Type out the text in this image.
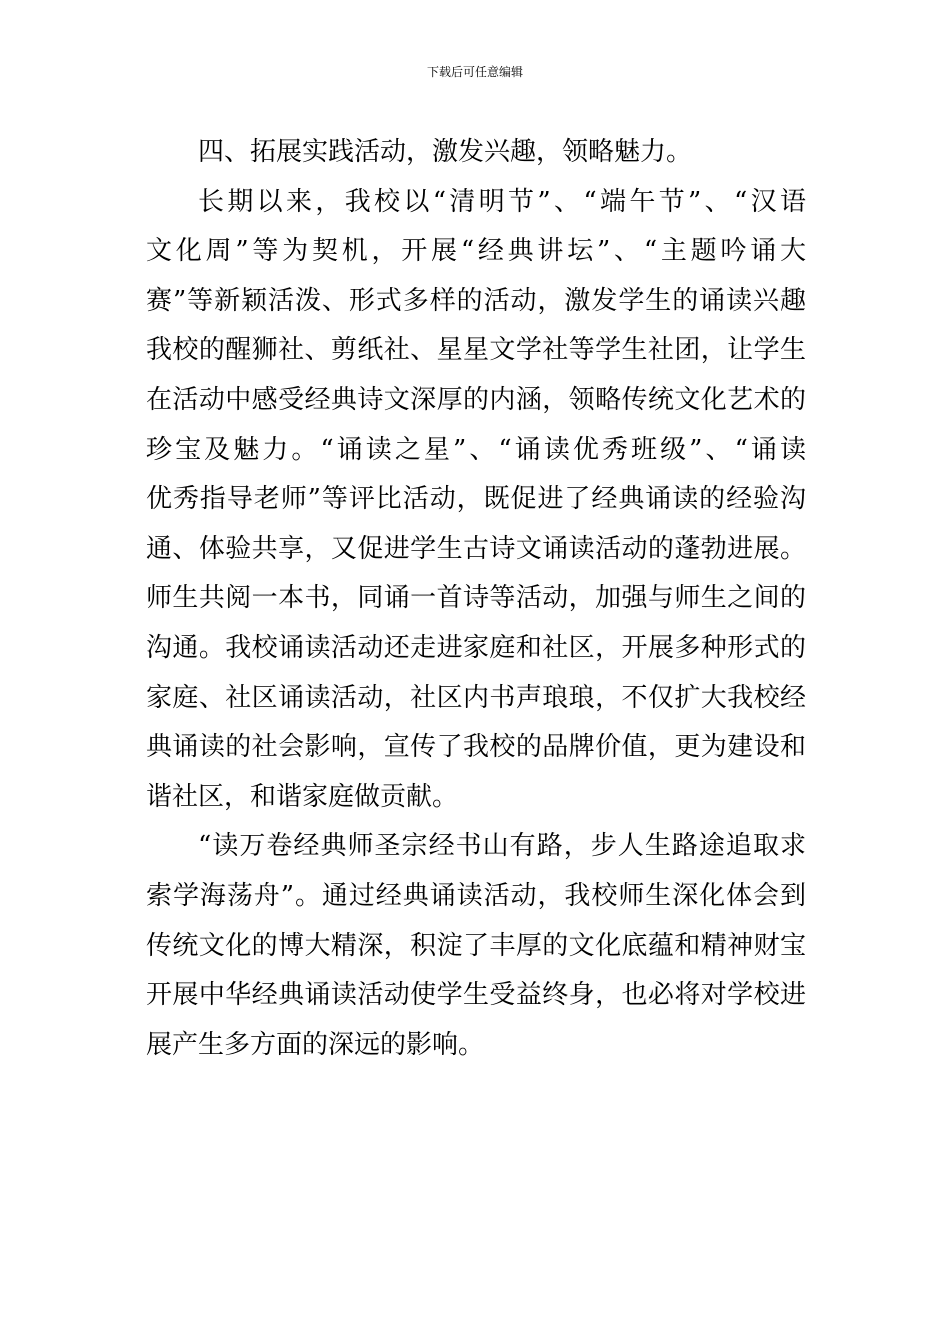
下载后可任意编辑
四、拓展实践活动，激发兴趣，领略魅力。
长期以来，我校以“清明节”、“端午节”、“汉语
文化周”等为契机，开展“经典讲坛”、“主题吟诵大
赛”等新颖活泼、形式多样的活动，激发学生的诵读兴趣
我校的醒狮社、剪纸社、星星文学社等学生社团，让学生
在活动中感受经典诗文深厚的内涵，领略传统文化艺术的
珍宝及魅力。“诵读之星”、“诵读优秀班级”、“诵读
优秀指导老师”等评比活动，既促进了经典诵读的经验沟
通、体验共享，又促进学生古诗文诵读活动的蓬勃进展。
师生共阅一本书，同诵一首诗等活动，加强与师生之间的
沟通。我校诵读活动还走进家庭和社区，开展多种形式的
家庭、社区诵读活动，社区内书声琅琅，不仅扩大我校经
典诵读的社会影响，宣传了我校的品牌价值，更为建设和
谐社区，和谐家庭做贡献。
“读万卷经典师圣宗经书山有路，步人生路途追取求
索学海荡舟”。通过经典诵读活动，我校师生深化体会到
传统文化的博大精深，积淀了丰厚的文化底蕴和精神财宝
开展中华经典诵读活动使学生受益终身，也必将对学校进
展产生多方面的深远的影响。
